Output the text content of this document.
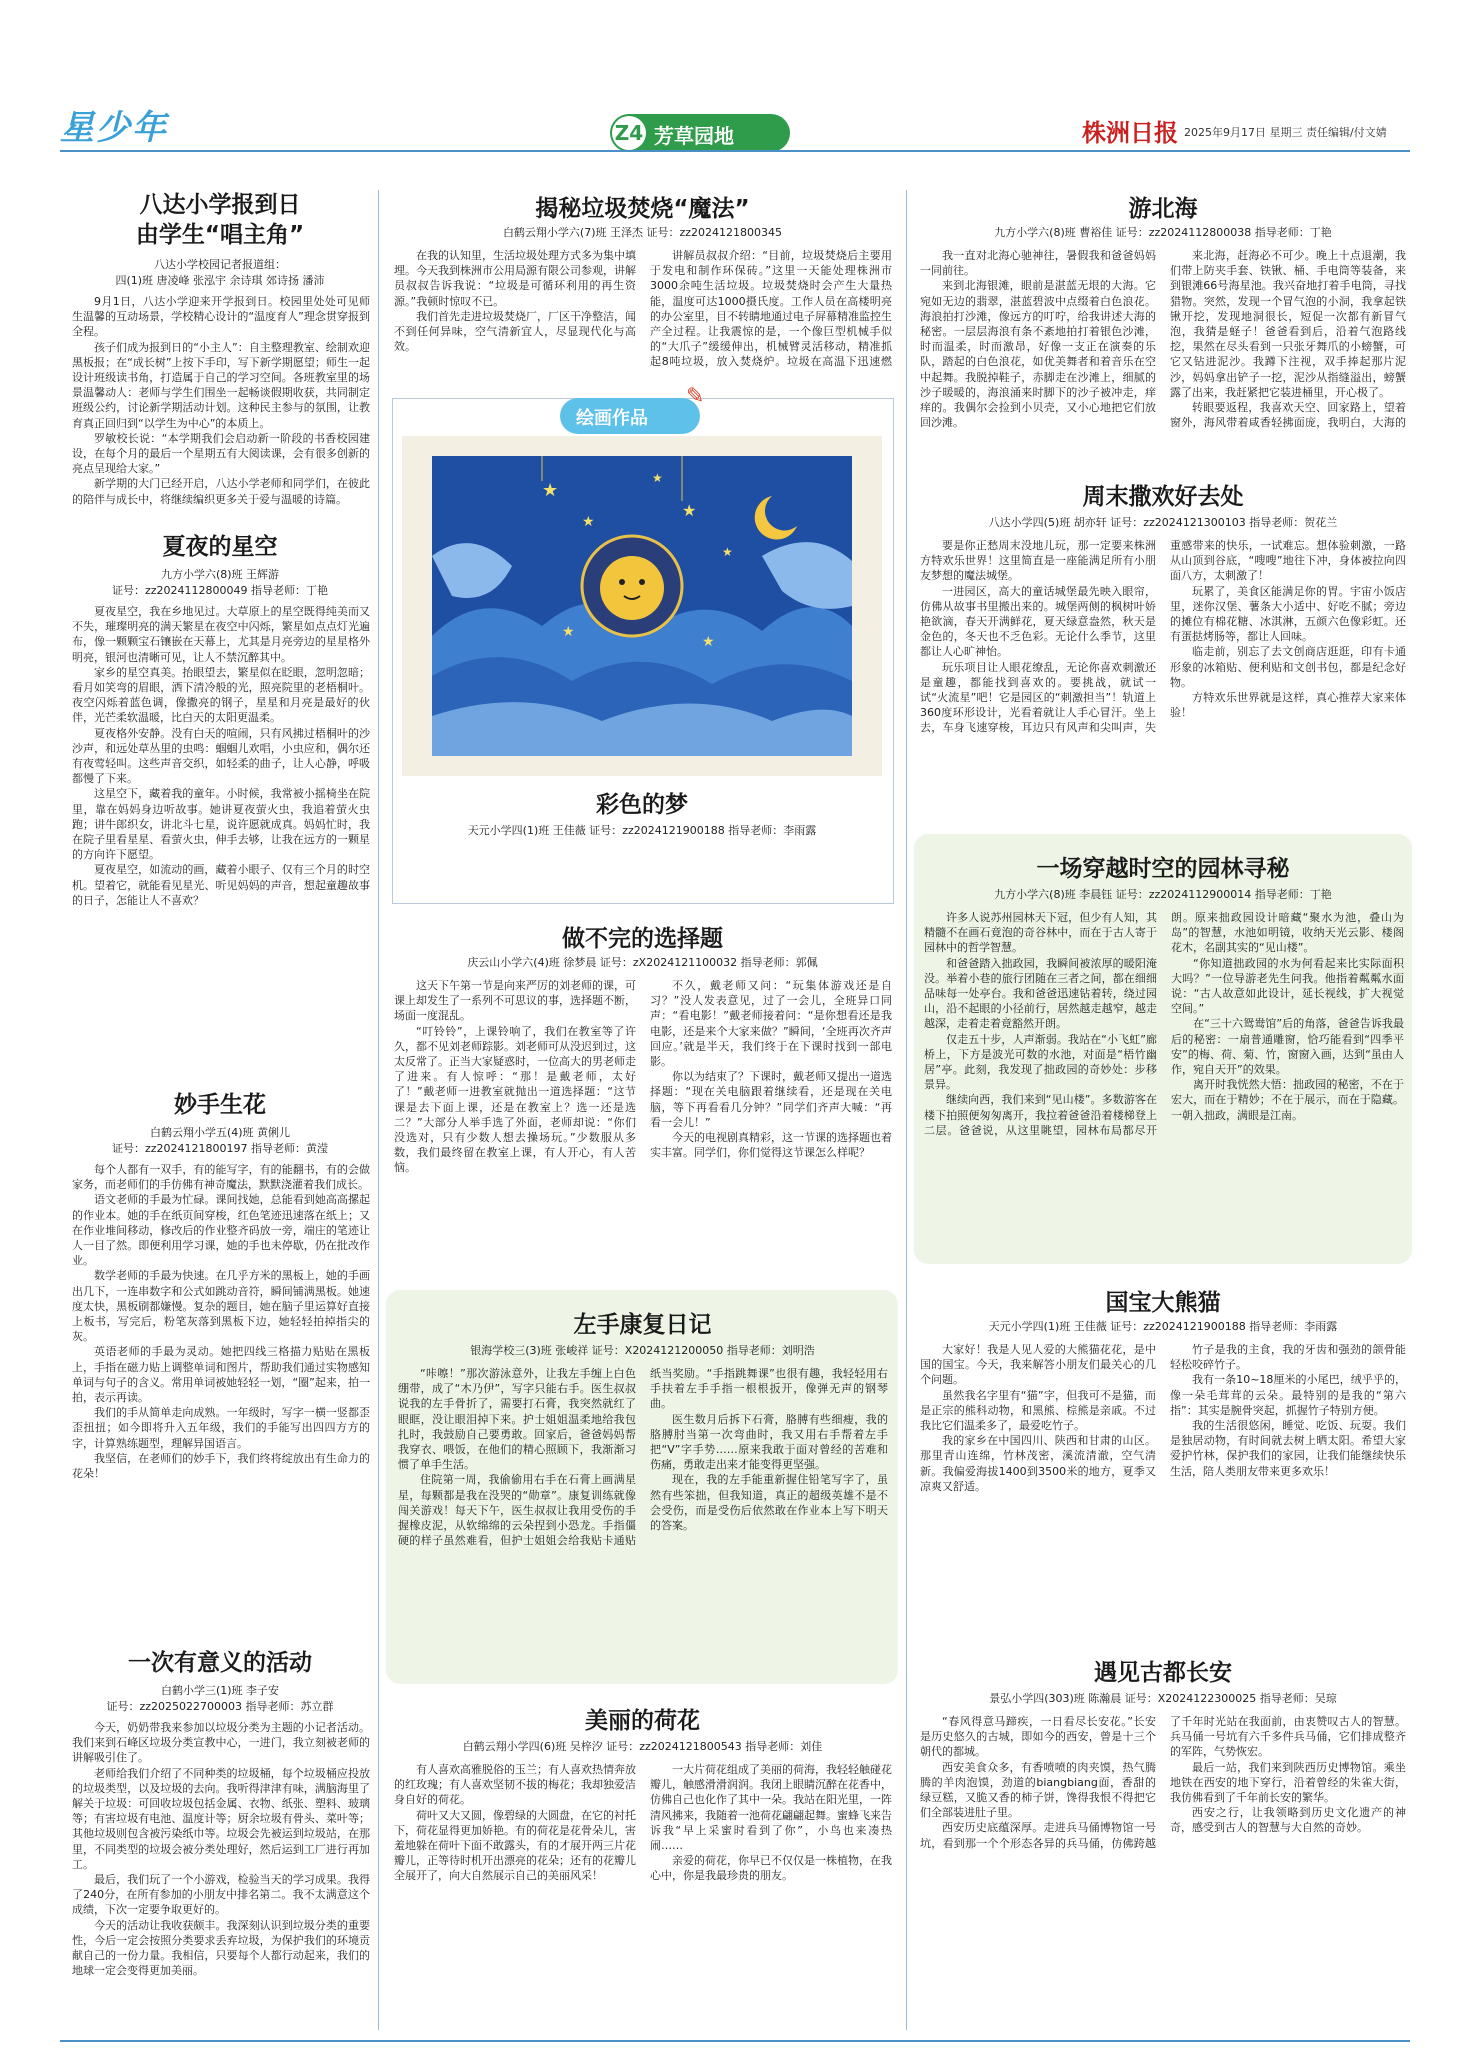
星少年	Z4 芳草园地	株洲日报 2025年9月17日 星期三 责任编辑/付文婧
八达小学报到日
由学生“唱主角”
八达小学校园记者报道组：
四(1)班 唐凌峰 张泓宇 余诗琪 郊诗扬 潘沛

9月1日，八达小学迎来开学报到日。校园里处处可见师生温馨的互动场景，学校精心设计的“温度育人”理念贯穿报到全程。

孩子们成为报到日的“小主人”：自主整理教室、绘制欢迎黑板报；在“成长树”上按下手印，写下新学期愿望；师生一起设计班级读书角，打造属于自己的学习空间。各班教室里的场景温馨动人：老师与学生们围坐一起畅谈假期收获，共同制定班级公约，讨论新学期活动计划。这种民主参与的氛围，让教育真正回归到“以学生为中心”的本质上。

罗敏校长说：“本学期我们会启动新一阶段的书香校园建设，在每个月的最后一个星期五有大阅读课，会有很多创新的亮点呈现给大家。”

新学期的大门已经开启，八达小学老师和同学们，在彼此的陪伴与成长中，将继续编织更多关于爱与温暖的诗篇。

夏夜的星空
九方小学六(8)班 王辉游
证号：zz2024112800049 指导老师：丁艳

夏夜星空，我在乡地见过。大草原上的星空既得纯美而又不失，璀璨明亮的满天繁星在夜空中闪烁，繁星如点点灯光遍布，像一颗颗宝石镶嵌在天幕上，尤其是月亮旁边的星星格外明亮，银河也清晰可见，让人不禁沉醉其中。

家乡的星空真美。抬眼望去，繁星似在眨眼，忽明忽暗；看月如笑弯的眉眼，洒下清冷般的光，照亮院里的老梧桐叶。夜空闪烁着蓝色调，像撒亮的钢子，星星和月亮是最好的伙伴，光芒柔软温暖，比白天的太阳更温柔。

夏夜格外安静。没有白天的喧闹，只有风拂过梧桐叶的沙沙声，和远处草丛里的虫鸣：蝈蝈儿欢唱，小虫应和，偶尔还有夜莺轻叫。这些声音交织，如轻柔的曲子，让人心静，呼吸都慢了下来。

这星空下，藏着我的童年。小时候，我常被小摇椅坐在院里，靠在妈妈身边听故事。她讲夏夜萤火虫，我追着萤火虫跑；讲牛郎织女，讲北斗七星，说许愿就成真。妈妈忙时，我在院子里看星星、看萤火虫，伸手去够，让我在远方的一颗星的方向许下愿望。

夏夜星空，如流动的画，藏着小眼子、仅有三个月的时空机。望着它，就能看见星光、听见妈妈的声音，想起童趣故事的日子，怎能让人不喜欢？

妙手生花
白鹤云翔小学五(4)班 黄俐儿
证号：zz2024121800197 指导老师：黄滢

每个人都有一双手，有的能写字，有的能翻书，有的会做家务，而老师们的手仿佛有神奇魔法，默默浇灌着我们成长。

语文老师的手最为忙碌。课间找她，总能看到她高高摞起的作业本。她的手在纸页间穿梭，红色笔迹迅速落在纸上；又在作业堆间移动，修改后的作业整齐码放一旁，端庄的笔迹让人一目了然。即便利用学习课，她的手也未停歇，仍在批改作业。

数学老师的手最为快速。在几乎方米的黑板上，她的手画出几下，一连串数字和公式如跳动音符，瞬间铺满黑板。她速度太快，黑板刷都嫌慢。复杂的题目，她在脑子里运算好直接上板书，写完后，粉笔灰落到黑板下边，她轻轻拍掉指尖的灰。

英语老师的手最为灵动。她把四线三格描力贴贴在黑板上，手指在磁力贴上调整单词和图片，帮助我们通过实物感知单词与句子的含义。常用单词被她轻轻一划，“圈”起来，拍一拍，表示再读。

我们的手从简单走向成熟。一年级时，写字一横一竖都歪歪扭扭；如今即将升入五年级，我们的手能写出四四方方的字，计算熟练题型，理解异国语言。

我坚信，在老师们的妙手下，我们终将绽放出有生命力的花朵！

一次有意义的活动
白鹤小学三(1)班 李子安
证号：zz2025022700003 指导老师：苏立群

今天，奶奶带我来参加以垃圾分类为主题的小记者活动。我们来到石峰区垃圾分类宣教中心，一进门，我立刻被老师的讲解吸引住了。

老师给我们介绍了不同种类的垃圾桶，每个垃圾桶应投放的垃圾类型，以及垃圾的去向。我听得津津有味，满脑海里了解关于垃圾：可回收垃圾包括金属、衣物、纸张、塑料、玻璃等；有害垃圾有电池、温度计等；厨余垃圾有骨头、菜叶等；其他垃圾则包含被污染纸巾等。垃圾会先被运到垃圾站，在那里，不同类型的垃圾会被分类处理好，然后运到工厂进行再加工。

最后，我们玩了一个小游戏，检验当天的学习成果。我得了240分，在所有参加的小朋友中排名第二。我不太满意这个成绩，下次一定要争取更好的。

今天的活动让我收获颇丰。我深刻认识到垃圾分类的重要性，今后一定会按照分类要求丢弃垃圾，为保护我们的环境贡献自己的一份力量。我相信，只要每个人都行动起来，我们的地球一定会变得更加美丽。

揭秘垃圾焚烧“魔法”
白鹤云翔小学六(7)班 王泽杰 证号：zz2024121800345

在我的认知里，生活垃圾处理方式多为集中填埋。今天我到株洲市公用局源有限公司参观，讲解员叔叔告诉我说：“垃圾是可循环利用的再生资源。”我顿时惊叹不已。

我们首先走进垃圾焚烧厂，厂区干净整洁，闻不到任何异味，空气清新宜人，尽显现代化与高效。

讲解员叔叔介绍：“目前，垃圾焚烧后主要用于发电和制作环保砖。”这里一天能处理株洲市3000余吨生活垃圾。垃圾焚烧时会产生大量热能，温度可达1000摄氏度。工作人员在高楼明亮的办公室里，目不转睛地通过电子屏幕精准监控生产全过程。让我震惊的是，一个像巨型机械手似的“大爪子”缓缓伸出，机械臂灵活移动，精准抓起8吨垃圾，放入焚烧炉。垃圾在高温下迅速燃

绘画作品
✎
★
★
★
★
★
★
★
彩色的梦
天元小学四(1)班 王佳薇 证号：zz2024121900188 指导老师：李雨露
做不完的选择题
庆云山小学六(4)班 徐梦晨 证号：zX2024121100032 指导老师：郭佩

这天下午第一节是向来严厉的刘老师的课，可课上却发生了一系列不可思议的事，选择题不断，场面一度混乱。

“叮铃铃”，上课铃响了，我们在教室等了许久，都不见刘老师踪影。刘老师可从没迟到过，这太反常了。正当大家疑惑时，一位高大的男老师走了进来。有人惊呼：“那！是戴老师，太好了！”戴老师一进教室就抛出一道选择题：“这节课是去下面上课，还是在教室上？选一还是选二？”大部分人举手选了外面，老师却说：“你们没选对，只有少数人想去操场玩。”少数服从多数，我们最终留在教室上课，有人开心，有人苦恼。

不久，戴老师又问：“玩集体游戏还是自习？”没人发表意见，过了一会儿，全班异口同声：“看电影！”戴老师接着问：“是你想看还是我电影，还是来个大家来做？”瞬间，‘全班再次齐声回应。’就是半天，我们终于在下课时找到一部电影。

你以为结束了？下课时，戴老师又提出一道选择题：“现在关电脑跟着继续看，还是现在关电脑，等下再看看几分钟？”同学们齐声大喊：“再看一会儿！”

今天的电视剧真精彩，这一节课的选择题也着实丰富。同学们，你们觉得这节课怎么样呢？

左手康复日记
银海学校三(3)班 张峻祥 证号：X2024121200050 指导老师：刘明浩

“咔嚓！”那次游泳意外，让我左手缠上白色绷带，成了“木乃伊”，写字只能右手。医生叔叔说我的左手骨折了，需要打石膏，我突然就红了眼眶，没让眼泪掉下来。护士姐姐温柔地给我包扎时，我鼓励自己要勇敢。回家后，爸爸妈妈帮我穿衣、喂饭，在他们的精心照顾下，我渐渐习惯了单手生活。

住院第一周，我偷偷用右手在石膏上画满星星，每颗都是我在没哭的“勋章”。康复训练就像闯关游戏！每天下午，医生叔叔让我用受伤的手握橡皮泥，从软绵绵的云朵捏到小恐龙。手指僵硬的样子虽然难看，但护士姐姐会给我贴卡通贴纸当奖励。“手指跳舞课”也很有趣，我轻轻用右手扶着左手手指一根根扳开，像弹无声的钢琴曲。

医生数月后拆下石膏，胳膊有些细瘦，我的胳膊肘当第一次弯曲时，我又用右手帮着左手把“V”字手势……原来我敢于面对曾经的苦难和伤痛，勇敢走出来才能变得更坚强。

现在，我的左手能重新握住铅笔写字了，虽然有些笨拙，但我知道，真正的超级英雄不是不会受伤，而是受伤后依然敢在作业本上写下明天的答案。

美丽的荷花
白鹤云翔小学四(6)班 吴梓汐 证号：zz2024121800543 指导老师：刘佳

有人喜欢高雅脱俗的玉兰；有人喜欢热情奔放的红玫瑰；有人喜欢坚韧不拔的梅花；我却独爱洁身自好的荷花。

荷叶又大又圆，像碧绿的大圆盘，在它的衬托下，荷花显得更加娇艳。有的荷花是花骨朵儿，害羞地躲在荷叶下面不敢露头，有的才展开两三片花瓣儿，正等待时机开出漂亮的花朵；还有的花瓣儿全展开了，向大自然展示自己的美丽风采！

一大片荷花组成了美丽的荷海，我轻轻触碰花瓣儿，触感滑滑润润。我闭上眼睛沉醉在花香中，仿佛自己也化作了其中一朵。我站在阳光里，一阵清风拂来，我随着一池荷花翩翩起舞。蜜蜂飞来告诉我“早上采蜜时看到了你”，小鸟也来凑热闹……

亲爱的荷花，你早已不仅仅是一株植物，在我心中，你是我最珍贵的朋友。

游北海
九方小学六(8)班 曹裕佳 证号：zz2024112800038 指导老师：丁艳

我一直对北海心驰神往，暑假我和爸爸妈妈一同前往。

来到北海银滩，眼前是湛蓝无垠的大海。它宛如无边的翡翠，湛蓝碧波中点缀着白色浪花。海浪拍打沙滩，像远方的叮咛，给我讲述大海的秘密。一层层海浪有条不紊地拍打着银色沙滩，时而温柔，时而激昂，好像一支正在演奏的乐队，踏起的白色浪花，如优美舞者和着音乐在空中起舞。我脱掉鞋子，赤脚走在沙滩上，细腻的沙子暖暖的，海浪涌来时脚下的沙子被冲走，痒痒的。我偶尔会捡到小贝壳，又小心地把它们放回沙滩。

来北海，赶海必不可少。晚上十点退潮，我们带上防夹手套、铁锹、桶、手电筒等装备，来到银滩66号海星池。我兴奋地打着手电筒，寻找猎物。突然，发现一个冒气泡的小洞，我拿起铁锹开挖，发现地洞很长，短促一次都有新冒气泡，我猜是蛏子！爸爸看到后，沿着气泡路线挖，果然在尽头看到一只张牙舞爪的小螃蟹，可它又钻进泥沙。我蹲下注视，双手捧起那片泥沙，妈妈拿出铲子一挖，泥沙从指缝溢出，螃蟹露了出来，我赶紧把它装进桶里，开心极了。

转眼要返程，我喜欢天空、回家路上，望着窗外，海风带着咸香轻拂面庞，我明白，大海的

周末撒欢好去处
八达小学四(5)班 胡亦轩 证号：zz2024121300103 指导老师：贺花兰

要是你正愁周末没地儿玩，那一定要来株洲方特欢乐世界！这里简直是一座能满足所有小朋友梦想的魔法城堡。

一进园区，高大的童话城堡最先映入眼帘，仿佛从故事书里搬出来的。城堡两侧的枫树叶娇艳欲滴，春天开满鲜花，夏天绿意盎然，秋天是金色的，冬天也不乏色彩。无论什么季节，这里都让人心旷神怡。

玩乐项目让人眼花缭乱，无论你喜欢刺激还是童趣，都能找到喜欢的。要挑战，就试一试“火流星”吧！它是园区的“刺激担当”！轨道上360度环形设计，光看着就让人手心冒汗。坐上去，车身飞速穿梭，耳边只有风声和尖叫声，失重感带来的快乐，一试难忘。想体验刺激，一路从山顶到谷底，“嗖嗖”地往下冲，身体被拉向四面八方，太刺激了！

玩累了，美食区能满足你的胃。宇宙小饭店里，迷你汉堡、薯条大小适中、好吃不腻；旁边的摊位有棉花糖、冰淇淋，五颜六色像彩虹。还有蛋挞烤肠等，都让人回味。

临走前，别忘了去文创商店逛逛，印有卡通形象的冰箱贴、便利贴和文创书包，都是纪念好物。

方特欢乐世界就是这样，真心推荐大家来体验！

一场穿越时空的园林寻秘
九方小学六(8)班 李晨钰 证号：zz2024112900014 指导老师：丁艳

许多人说苏州园林天下冠，但少有人知，其精髓不在画石竟泡的奇谷林中，而在于古人寄于园林中的哲学智慧。

和爸爸踏入拙政园，我瞬间被浓厚的暖阳淹没。举着小巷的旅行团随在三者之间，都在细细品味每一处亭台。我和爸爸迅速钻着转，绕过园山，沿不起眼的小径前行，居然越走越窄，越走越深，走着走着竟豁然开朗。

仅走五十步，人声渐弱。我站在“小飞虹”廊桥上，下方是波光可数的水池，对面是“梧竹幽居”亭。此刻，我发现了拙政园的奇妙处：步移景异。

继续向西，我们来到“见山楼”。多数游客在楼下拍照便匆匆离开，我拉着爸爸沿着楼梯登上二层。爸爸说，从这里眺望，园林布局都尽开朗。原来拙政园设计暗藏“聚水为池，叠山为岛”的智慧，水池如明镜，收纳天光云影、楼阁花木，名副其实的“见山楼”。

“你知道拙政园的水为何看起来比实际面积大吗？”一位导游老先生问我。他指着粼粼水面说：“古人故意如此设计，延长视线，扩大视觉空间。”

在“三十六鸳鸯馆”后的角落，爸爸告诉我最后的秘密：一扇普通雕窗，恰巧能看到“四季平安”的梅、荷、菊、竹，窗窗入画，达到“虽由人作，宛自天开”的效果。

离开时我恍然大悟：拙政园的秘密，不在于宏大，而在于精妙；不在于展示，而在于隐藏。一朝入拙政，满眼是江南。

国宝大熊猫
天元小学四(1)班 王佳薇 证号：zz2024121900188 指导老师：李雨露

大家好！我是人见人爱的大熊猫花花，是中国的国宝。今天，我来解答小朋友们最关心的几个问题。

虽然我名字里有“猫”字，但我可不是猫，而是正宗的熊科动物，和黑熊、棕熊是亲戚。不过我比它们温柔多了，最爱吃竹子。

我的家乡在中国四川、陕西和甘肃的山区。那里青山连绵，竹林茂密，溪流清澈，空气清新。我偏爱海拔1400到3500米的地方，夏季又凉爽又舒适。

竹子是我的主食，我的牙齿和强劲的颌骨能轻松咬碎竹子。

我有一条10~18厘米的小尾巴，绒乎乎的，像一朵毛茸茸的云朵。最特别的是我的“第六指”：其实是腕骨突起，抓握竹子特别方便。

我的生活很悠闲，睡觉、吃饭、玩耍。我们是独居动物，有时间就去树上晒太阳。希望大家爱护竹林，保护我们的家园，让我们能继续快乐生活，陪人类朋友带来更多欢乐！

遇见古都长安
景弘小学四(303)班 陈瀚晨 证号：X2024122300025 指导老师：吴琼

“春风得意马蹄疾，一日看尽长安花。”长安是历史悠久的古城，即如今的西安，曾是十三个朝代的都城。

西安美食众多，有香喷喷的肉夹馍，热气腾腾的羊肉泡馍，劲道的biangbiang面，香甜的绿豆糕，又脆又香的柿子饼，馋得我恨不得把它们全部装进肚子里。

西安历史底蕴深厚。走进兵马俑博物馆一号坑，看到那一个个形态各异的兵马俑，仿佛跨越了千年时光站在我面前，由衷赞叹古人的智慧。兵马俑一号坑有六千多件兵马俑，它们排成整齐的军阵，气势恢宏。

最后一站，我们来到陕西历史博物馆。乘坐地铁在西安的地下穿行，沿着曾经的朱雀大街，我仿佛看到了千年前长安的繁华。

西安之行，让我领略到历史文化遗产的神奇，感受到古人的智慧与大自然的奇妙。
